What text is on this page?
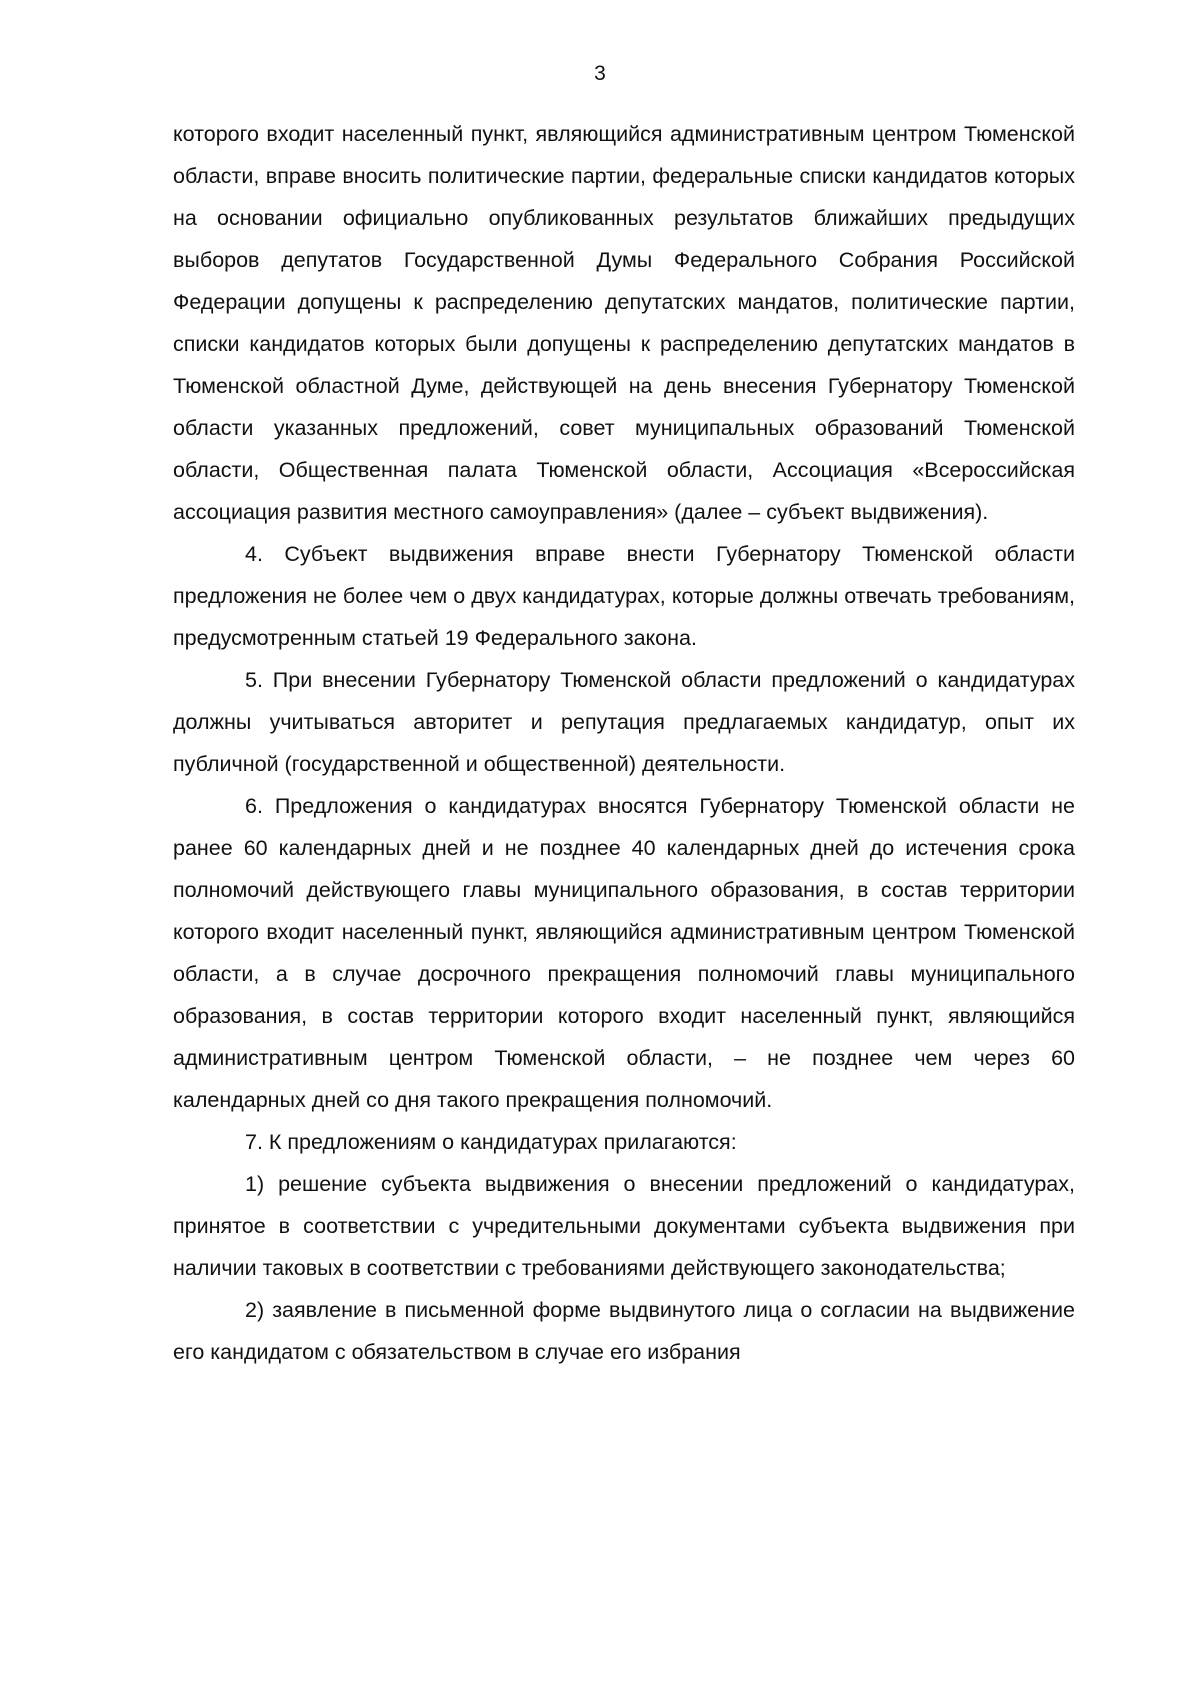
3

которого входит населенный пункт, являющийся административным центром Тюменской области, вправе вносить политические партии, федеральные списки кандидатов которых на основании официально опубликованных результатов ближайших предыдущих выборов депутатов Государственной Думы Федерального Собрания Российской Федерации допущены к распределению депутатских мандатов, политические партии, списки кандидатов которых были допущены к распределению депутатских мандатов в Тюменской областной Думе, действующей на день внесения Губернатору Тюменской области указанных предложений, совет муниципальных образований Тюменской области, Общественная палата Тюменской области, Ассоциация «Всероссийская ассоциация развития местного самоуправления» (далее – субъект выдвижения).

4. Субъект выдвижения вправе внести Губернатору Тюменской области предложения не более чем о двух кандидатурах, которые должны отвечать требованиям, предусмотренным статьей 19 Федерального закона.

5. При внесении Губернатору Тюменской области предложений о кандидатурах должны учитываться авторитет и репутация предлагаемых кандидатур, опыт их публичной (государственной и общественной) деятельности.

6. Предложения о кандидатурах вносятся Губернатору Тюменской области не ранее 60 календарных дней и не позднее 40 календарных дней до истечения срока полномочий действующего главы муниципального образования, в состав территории которого входит населенный пункт, являющийся административным центром Тюменской области, а в случае досрочного прекращения полномочий главы муниципального образования, в состав территории которого входит населенный пункт, являющийся административным центром Тюменской области, – не позднее чем через 60 календарных дней со дня такого прекращения полномочий.

7. К предложениям о кандидатурах прилагаются:

1) решение субъекта выдвижения о внесении предложений о кандидатурах, принятое в соответствии с учредительными документами субъекта выдвижения при наличии таковых в соответствии с требованиями действующего законодательства;

2) заявление в письменной форме выдвинутого лица о согласии на выдвижение его кандидатом с обязательством в случае его избрания
